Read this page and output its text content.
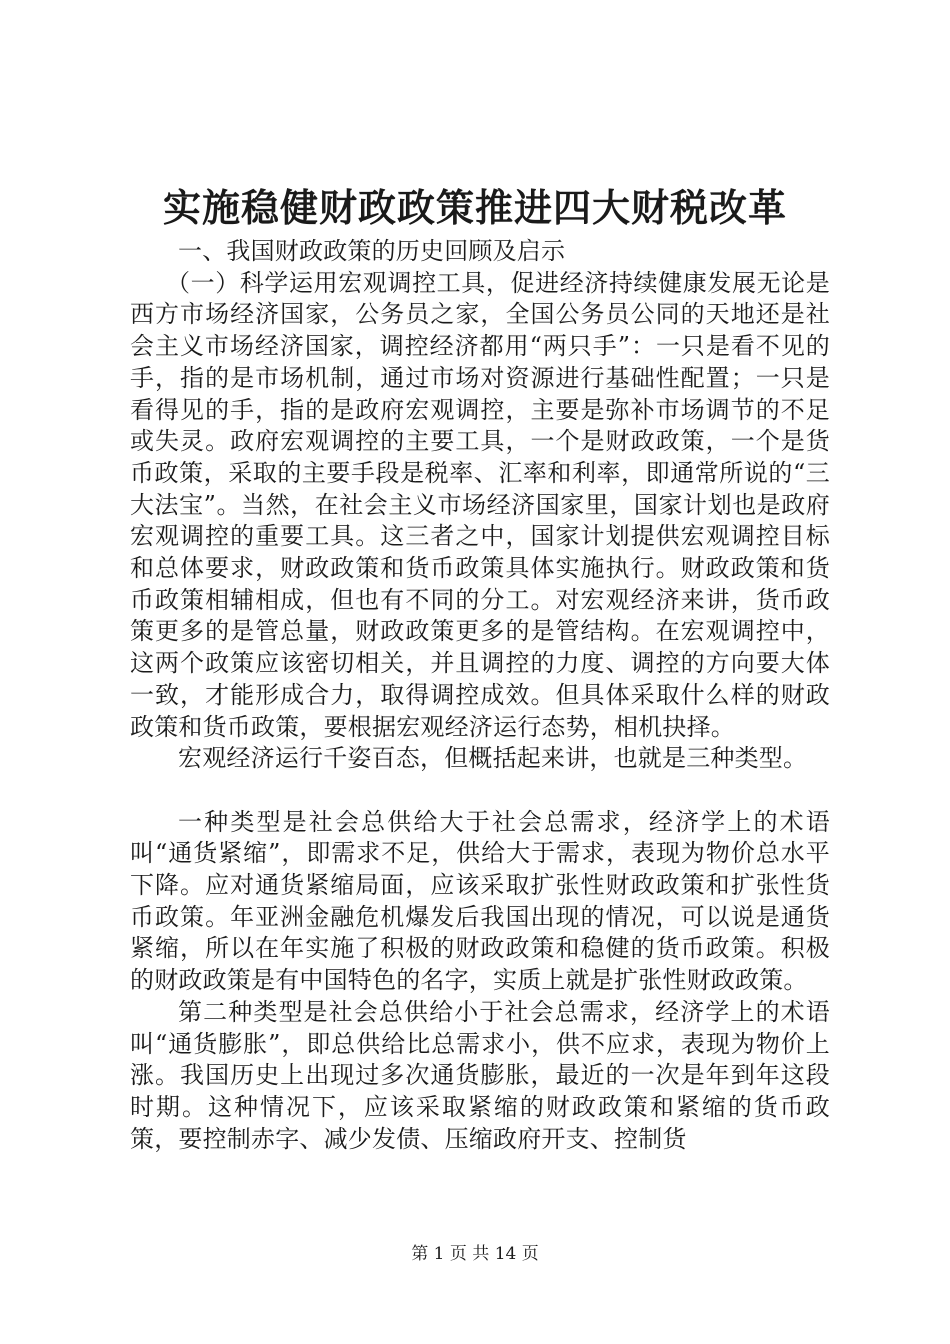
实施稳健财政政策推进四大财税改革

一、我国财政政策的历史回顾及启示

（一）科学运用宏观调控工具，促进经济持续健康发展无论是西方市场经济国家，公务员之家，全国公务员公同的天地还是社会主义市场经济国家，调控经济都用“两只手”：一只是看不见的手，指的是市场机制，通过市场对资源进行基础性配置；一只是看得见的手，指的是政府宏观调控，主要是弥补市场调节的不足或失灵。政府宏观调控的主要工具，一个是财政政策，一个是货币政策，采取的主要手段是税率、汇率和利率，即通常所说的“三大法宝”。当然，在社会主义市场经济国家里，国家计划也是政府宏观调控的重要工具。这三者之中，国家计划提供宏观调控目标和总体要求，财政政策和货币政策具体实施执行。财政政策和货币政策相辅相成，但也有不同的分工。对宏观经济来讲，货币政策更多的是管总量，财政政策更多的是管结构。在宏观调控中，这两个政策应该密切相关，并且调控的力度、调控的方向要大体一致，才能形成合力，取得调控成效。但具体采取什么样的财政政策和货币政策，要根据宏观经济运行态势，相机抉择。

宏观经济运行千姿百态，但概括起来讲，也就是三种类型。

一种类型是社会总供给大于社会总需求，经济学上的术语叫“通货紧缩”，即需求不足，供给大于需求，表现为物价总水平下降。应对通货紧缩局面，应该采取扩张性财政政策和扩张性货币政策。年亚洲金融危机爆发后我国出现的情况，可以说是通货紧缩，所以在年实施了积极的财政政策和稳健的货币政策。积极的财政政策是有中国特色的名字，实质上就是扩张性财政政策。

第二种类型是社会总供给小于社会总需求，经济学上的术语叫“通货膨胀”，即总供给比总需求小，供不应求，表现为物价上涨。我国历史上出现过多次通货膨胀，最近的一次是年到年这段时期。这种情况下，应该采取紧缩的财政政策和紧缩的货币政策，要控制赤字、减少发债、压缩政府开支、控制货

第 1 页 共 14 页
